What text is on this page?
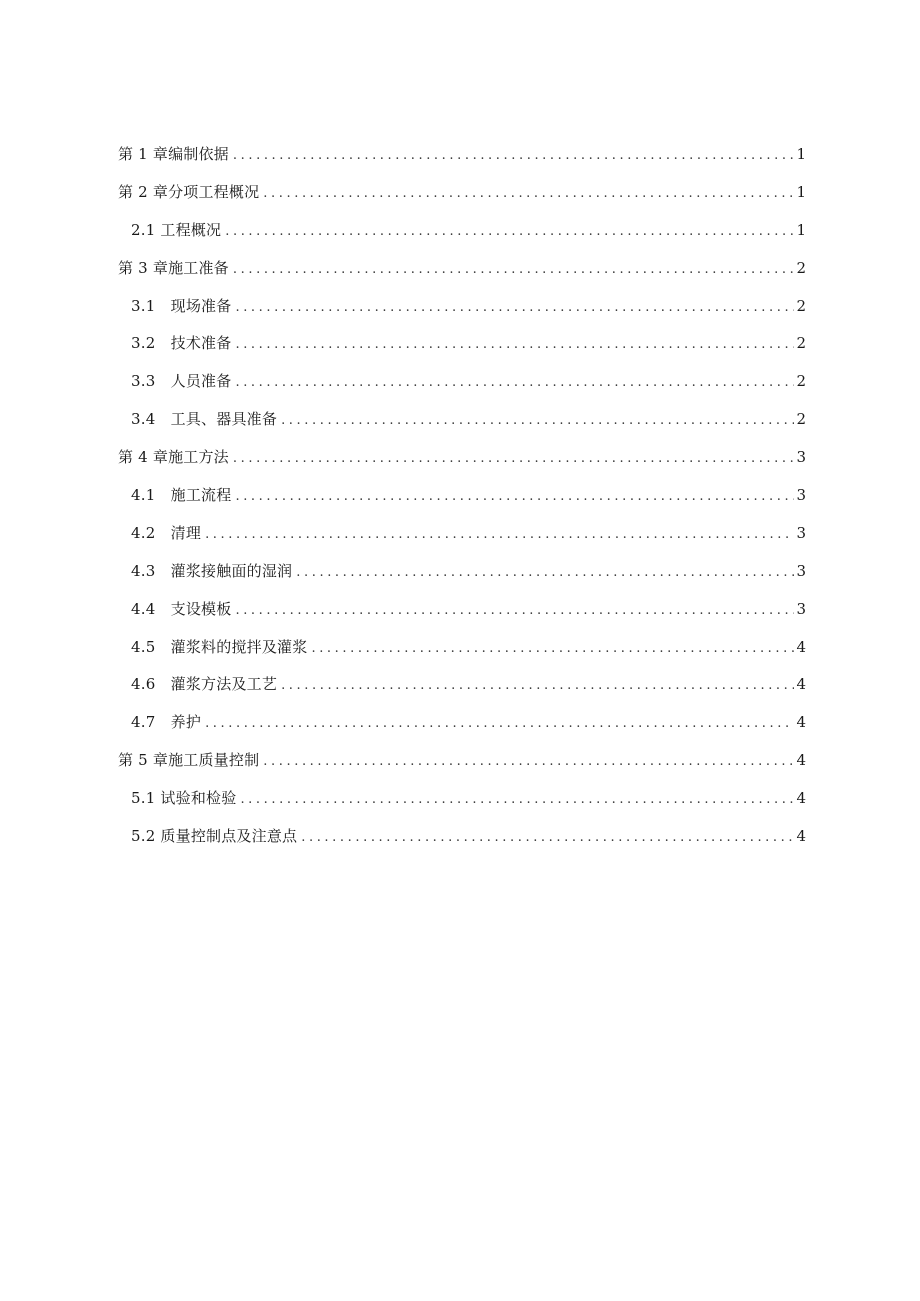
第 1 章编制依据 .....	1
第 2 章分项工程概况 .....	1
2.1 工程概况 .....	1
第 3 章施工准备 .....	2
3.1　现场准备 .....	2
3.2　技术准备 .....	2
3.3　人员准备 .....	2
3.4　工具、器具准备 .....	2
第 4 章施工方法 .....	3
4.1　施工流程 .....	3
4.2　清理 .....	3
4.3　灌浆接触面的湿润 .....	3
4.4　支设模板 .....	3
4.5　灌浆料的搅拌及灌浆 .....	4
4.6　灌浆方法及工艺 .....	4
4.7　养护 .....	4
第 5 章施工质量控制 .....	4
5.1 试验和检验 .....	4
5.2 质量控制点及注意点 .....	4
